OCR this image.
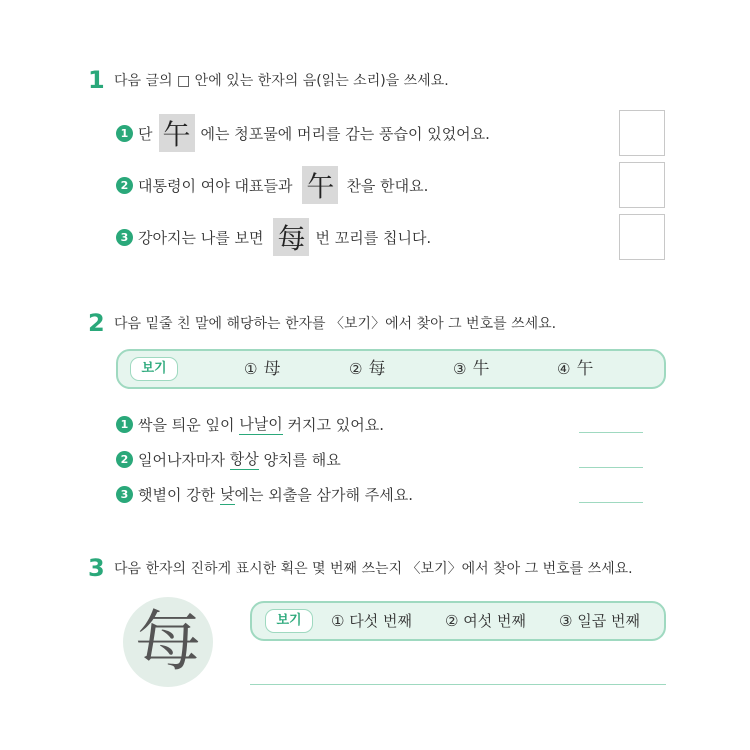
1 다음 글의 □ 안에 있는 한자의 음(읽는 소리)을 쓰세요.
1 단 午 에는 청포물에 머리를 감는 풍습이 있었어요.
2 대통령이 여야 대표들과 午 찬을 한대요.
3 강아지는 나를 보면 每 번 꼬리를 칩니다.
2 다음 밑줄 친 말에 해당하는 한자를 〈보기〉에서 찾아 그 번호를 쓰세요.
보기	① 母	② 每	③ 牛	④ 午
1 싹을 틔운 잎이 나날이 커지고 있어요.
2 일어나자마자 항상 양치를 해요
3 햇볕이 강한 낮 에는 외출을 삼가해 주세요.
3 다음 한자의 진하게 표시한 획은 몇 번째 쓰는지 〈보기〉에서 찾아 그 번호를 쓰세요.
每	보기	① 다섯 번째 ② 여섯 번째 ③ 일곱 번째
